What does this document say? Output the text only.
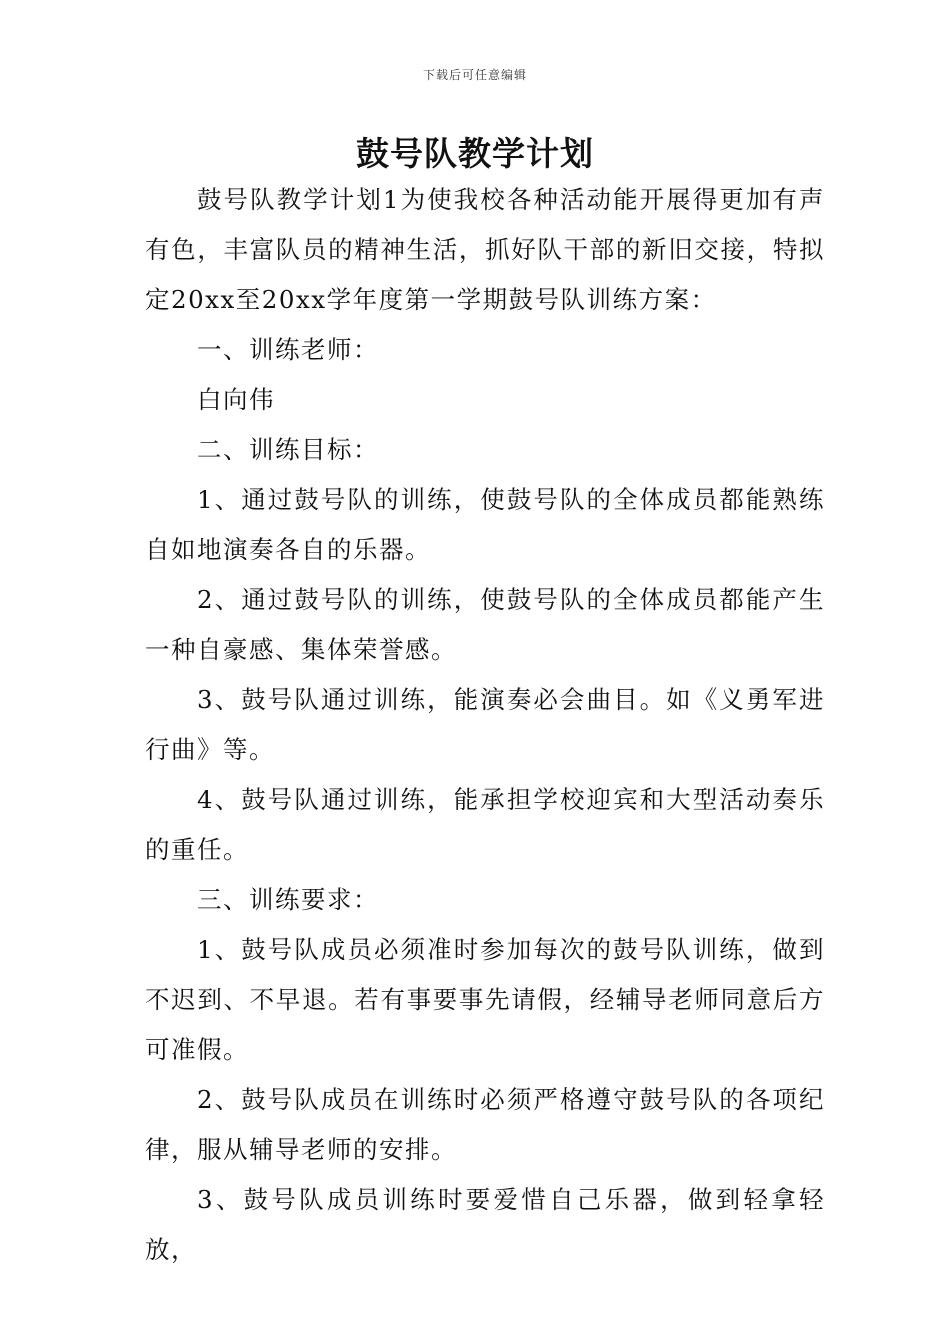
下载后可任意编辑
鼓号队教学计划

鼓号队教学计划1为使我校各种活动能开展得更加有声有色，丰富队员的精神生活，抓好队干部的新旧交接，特拟定20xx至20xx学年度第一学期鼓号队训练方案：

一、训练老师：

白向伟

二、训练目标：

1、通过鼓号队的训练，使鼓号队的全体成员都能熟练自如地演奏各自的乐器。

2、通过鼓号队的训练，使鼓号队的全体成员都能产生一种自豪感、集体荣誉感。

3、鼓号队通过训练，能演奏必会曲目。如《义勇军进行曲》等。

4、鼓号队通过训练，能承担学校迎宾和大型活动奏乐的重任。

三、训练要求：

1、鼓号队成员必须准时参加每次的鼓号队训练，做到不迟到、不早退。若有事要事先请假，经辅导老师同意后方可准假。

2、鼓号队成员在训练时必须严格遵守鼓号队的各项纪律，服从辅导老师的安排。

3、鼓号队成员训练时要爱惜自己乐器，做到轻拿轻放，
